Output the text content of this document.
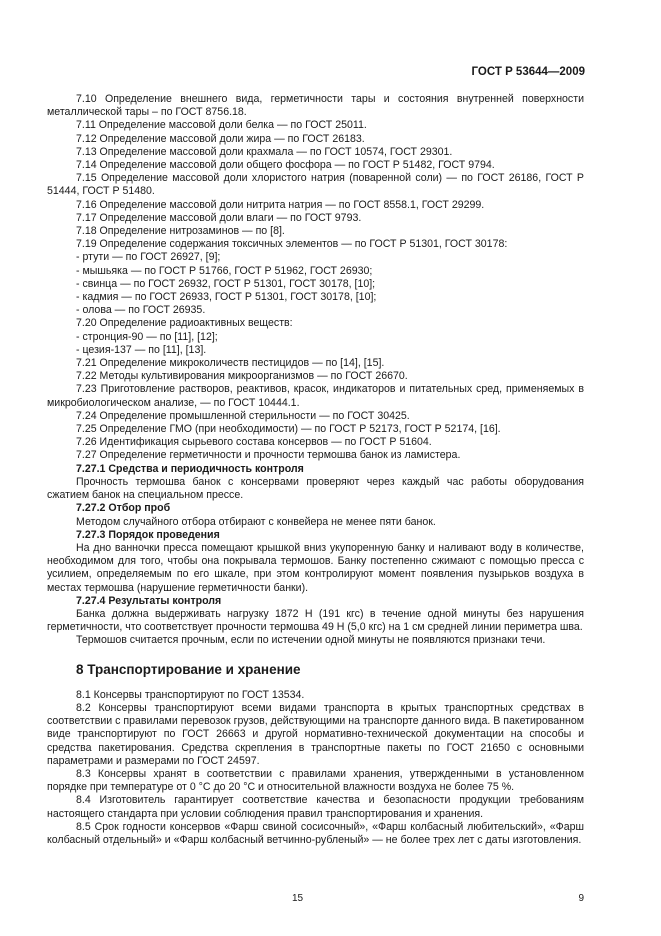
ГОСТ Р 53644—2009

7.10 Определение внешнего вида, герметичности тары и состояния внутренней поверхности металлической тары – по ГОСТ 8756.18.

7.11 Определение массовой доли белка — по ГОСТ 25011.

7.12 Определение массовой доли жира — по ГОСТ 26183.

7.13 Определение массовой доли крахмала — по ГОСТ 10574, ГОСТ 29301.

7.14 Определение массовой доли общего фосфора — по ГОСТ Р 51482, ГОСТ 9794.

7.15 Определение массовой доли хлористого натрия (поваренной соли) — по ГОСТ 26186, ГОСТ Р 51444, ГОСТ Р 51480.

7.16 Определение массовой доли нитрита натрия — по ГОСТ 8558.1, ГОСТ 29299.

7.17 Определение массовой доли влаги — по ГОСТ 9793.

7.18 Определение нитрозаминов — по [8].

7.19 Определение содержания токсичных элементов — по ГОСТ Р 51301, ГОСТ 30178:

- ртути — по ГОСТ 26927, [9];

- мышьяка — по ГОСТ Р 51766, ГОСТ Р 51962, ГОСТ 26930;

- свинца — по ГОСТ 26932, ГОСТ Р 51301, ГОСТ 30178, [10];

- кадмия — по ГОСТ 26933, ГОСТ Р 51301, ГОСТ 30178, [10];

- олова — по ГОСТ 26935.

7.20 Определение радиоактивных веществ:

- стронция-90 — по [11], [12];

- цезия-137 — по [11], [13].

7.21 Определение микроколичеств пестицидов — по [14], [15].

7.22 Методы культивирования микроорганизмов — по ГОСТ 26670.

7.23 Приготовление растворов, реактивов, красок, индикаторов и питательных сред, применяемых в микробиологическом анализе, — по ГОСТ 10444.1.

7.24 Определение промышленной стерильности — по ГОСТ 30425.

7.25 Определение ГМО (при необходимости) — по ГОСТ Р 52173, ГОСТ Р 52174, [16].

7.26 Идентификация сырьевого состава консервов — по ГОСТ Р 51604.

7.27 Определение герметичности и прочности термошва банок из ламистера.

7.27.1 Средства и периодичность контроля

Прочность термошва банок с консервами проверяют через каждый час работы оборудования сжатием банок на специальном прессе.

7.27.2 Отбор проб

Методом случайного отбора отбирают с конвейера не менее пяти банок.

7.27.3 Порядок проведения

На дно ванночки пресса помещают крышкой вниз укупоренную банку и наливают воду в количестве, необходимом для того, чтобы она покрывала термошов. Банку постепенно сжимают с помощью пресса с усилием, определяемым по его шкале, при этом контролируют момент появления пузырьков воздуха в местах термошва (нарушение герметичности банки).

7.27.4 Результаты контроля

Банка должна выдерживать нагрузку 1872 Н (191 кгс) в течение одной минуты без нарушения герметичности, что соответствует прочности термошва 49 Н (5,0 кгс) на 1 см средней линии периметра шва.

Термошов считается прочным, если по истечении одной минуты не появляются признаки течи.

8 Транспортирование и хранение

8.1 Консервы транспортируют по ГОСТ 13534.

8.2 Консервы транспортируют всеми видами транспорта в крытых транспортных средствах в соответствии с правилами перевозок грузов, действующими на транспорте данного вида. В пакетированном виде транспортируют по ГОСТ 26663 и другой нормативно-технической документации на способы и средства пакетирования. Средства скрепления в транспортные пакеты по ГОСТ 21650 с основными параметрами и размерами по ГОСТ 24597.

8.3 Консервы хранят в соответствии с правилами хранения, утвержденными в установленном порядке при температуре от 0 °С до 20 °С и относительной влажности воздуха не более 75 %.

8.4 Изготовитель гарантирует соответствие качества и безопасности продукции требованиям настоящего стандарта при условии соблюдения правил транспортирования и хранения.

8.5 Срок годности консервов «Фарш свиной сосисочный», «Фарш колбасный любительский», «Фарш колбасный отдельный» и «Фарш колбасный ветчинно-рубленый» — не более трех лет с даты изготовления.

15	9
